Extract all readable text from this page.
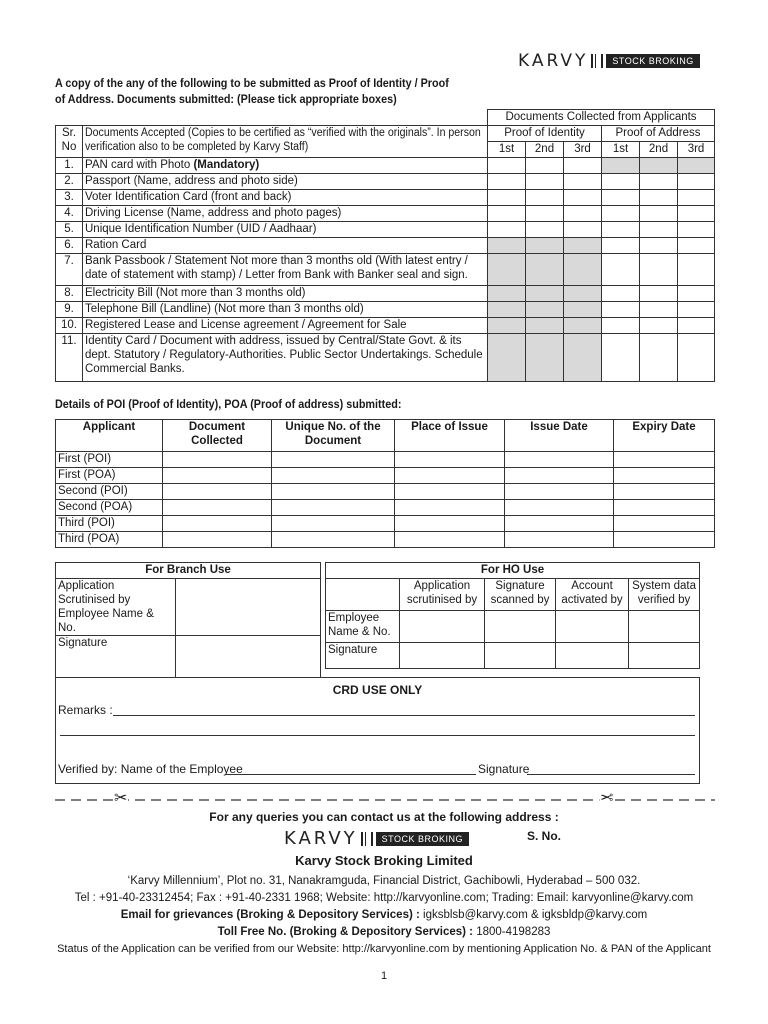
KARVY	STOCK BROKING
A copy of the any of the following to be submitted as Proof of Identity / Proof
of Address. Documents submitted: (Please tick appropriate boxes)
		Documents Collected from Applicants					
Sr.
No	Documents Accepted (Copies to be certified as “verified with the originals”. In person verification also to be completed by Karvy Staff)	Proof of Identity			Proof of Address		
		1st	2nd	3rd	1st	2nd	3rd
1.	PAN card with Photo (Mandatory)						
2.	Passport (Name, address and photo side)						
3.	Voter Identification Card (front and back)						
4.	Driving License (Name, address and photo pages)						
5.	Unique Identification Number (UID / Aadhaar)						
6.	Ration Card						
7.	Bank Passbook / Statement Not more than 3 months old (With latest entry / date of statement with stamp) / Letter from Bank with Banker seal and sign.						
8.	Electricity Bill (Not more than 3 months old)						
9.	Telephone Bill (Landline) (Not more than 3 months old)						
10.	Registered Lease and License agreement / Agreement for Sale						
11.	Identity Card / Document with address, issued by Central/State Govt. & its dept. Statutory / Regulatory-Authorities. Public Sector Undertakings. Schedule Commercial Banks.						
Details of POI (Proof of Identity), POA (Proof of address) submitted:
Applicant	Document Collected	Unique No. of the Document	Place of Issue	Issue Date	Expiry Date
First (POI)					
First (POA)					
Second (POI)					
Second (POA)					
Third (POI)					
Third (POA)					
For Branch Use	
Application Scrutinised by Employee Name & No.	
Signature	
For HO Use				
	Application scrutinised by	Signature scanned by	Account activated by	System data verified by
Employee Name & No.				
Signature				
CRD USE ONLY
Remarks :
Verified by: Name of the Employee	Signature
✂	✂
For any queries you can contact us at the following address :
KARVY	STOCK BROKING	S. No.
Karvy Stock Broking Limited
‘Karvy Millennium’, Plot no. 31, Nanakramguda, Financial District, Gachibowli, Hyderabad – 500 032.
Tel : +91-40-23312454; Fax : +91-40-2331 1968; Website: http://karvyonline.com; Trading: Email: karvyonline@karvy.com
Email for grievances (Broking & Depository Services) : igksblsb@karvy.com & igksbldp@karvy.com
Toll Free No. (Broking & Depository Services) : 1800-4198283
Status of the Application can be verified from our Website: http://karvyonline.com by mentioning Application No. & PAN of the Applicant
1
